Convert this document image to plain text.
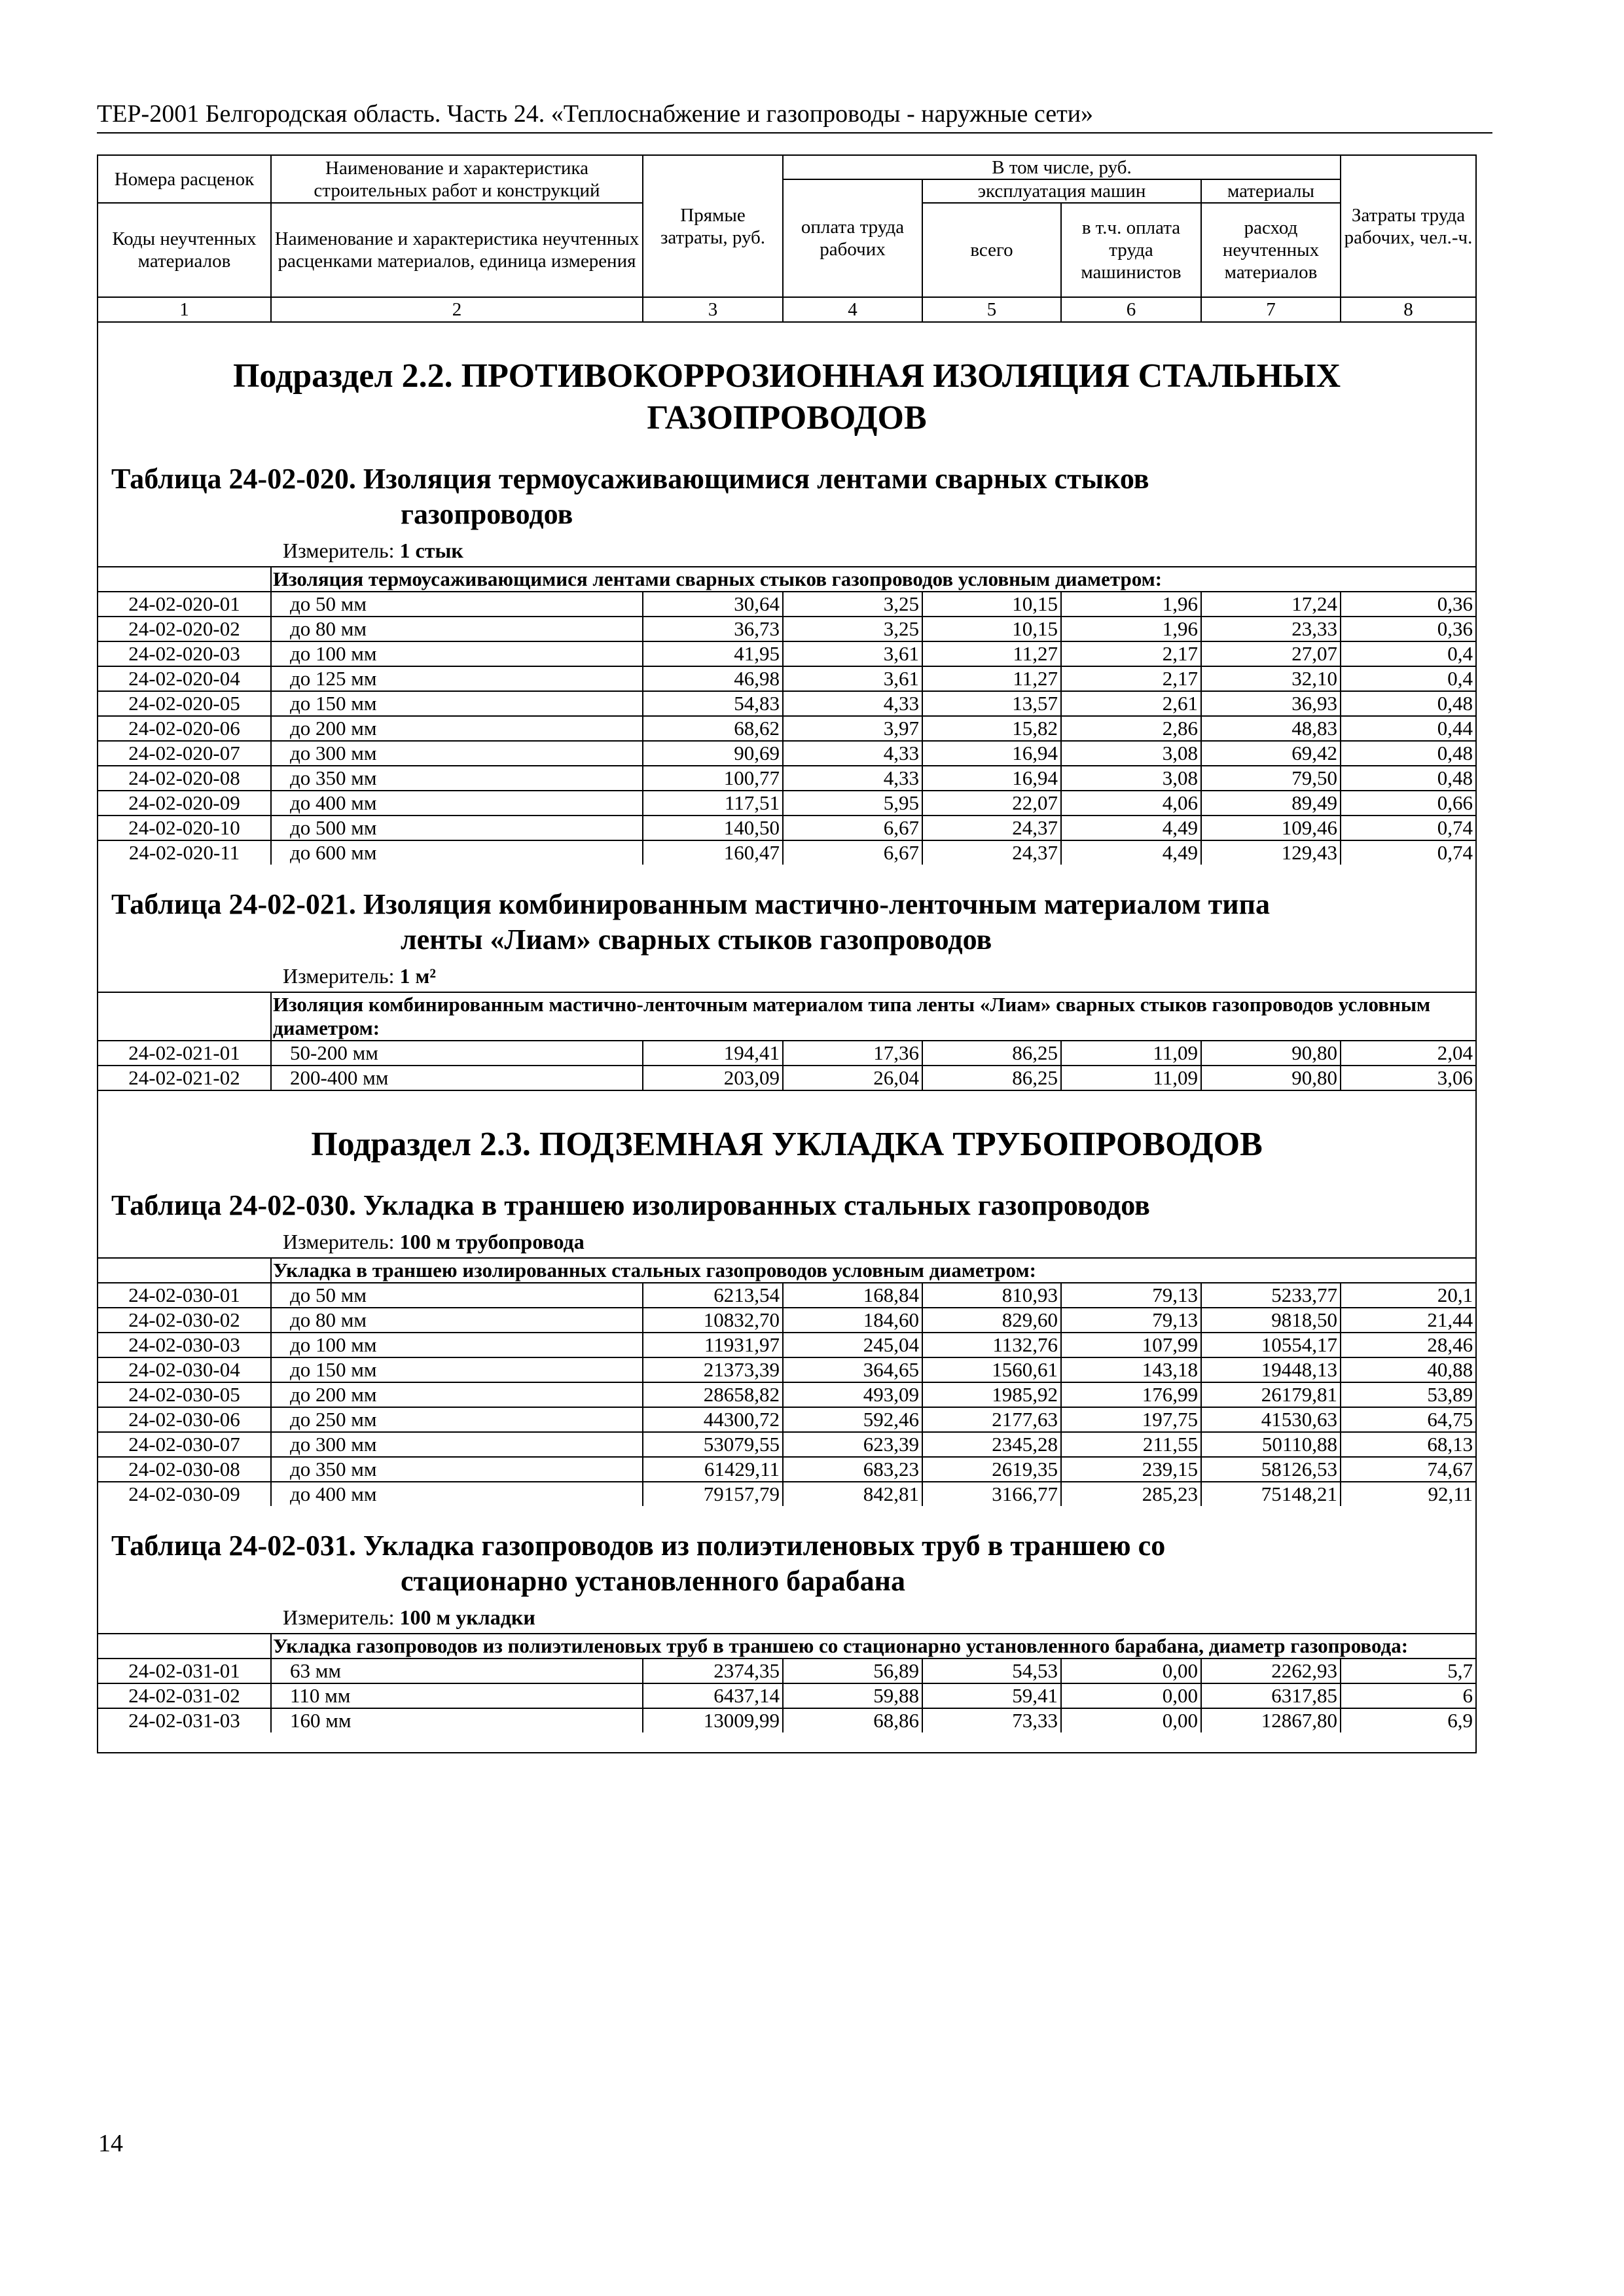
ТЕР-2001 Белгородская область. Часть 24. «Теплоснабжение и газопроводы - наружные сети»
Номера расценок	Наименование и характеристика строительных работ и конструкций	Прямые затраты, руб.	В том числе, руб.				Затраты труда рабочих, чел.-ч.
			оплата труда рабочих	эксплуатация машин		материалы	
Коды неучтенных материалов	Наименование и характеристика неучтенных расценками материалов, единица измерения			всего	в т.ч. оплата труда машинистов	расход неучтенных материалов	

1	2	3	4	5	6	7	8
Подраздел 2.2. ПРОТИВОКОРРОЗИОННАЯ ИЗОЛЯЦИЯ СТАЛЬНЫХ ГАЗОПРОВОДОВ
Таблица 24-02-020. Изоляция термоусаживающимися лентами сварных стыков
газопроводов

Измеритель: 1 стык

	Изоляция термоусаживающимися лентами сварных стыков газопроводов условным диаметром:						
24-02-020-01	до 50 мм	30,64	3,25	10,15	1,96	17,24	0,36
24-02-020-02	до 80 мм	36,73	3,25	10,15	1,96	23,33	0,36
24-02-020-03	до 100 мм	41,95	3,61	11,27	2,17	27,07	0,4
24-02-020-04	до 125 мм	46,98	3,61	11,27	2,17	32,10	0,4
24-02-020-05	до 150 мм	54,83	4,33	13,57	2,61	36,93	0,48
24-02-020-06	до 200 мм	68,62	3,97	15,82	2,86	48,83	0,44
24-02-020-07	до 300 мм	90,69	4,33	16,94	3,08	69,42	0,48
24-02-020-08	до 350 мм	100,77	4,33	16,94	3,08	79,50	0,48
24-02-020-09	до 400 мм	117,51	5,95	22,07	4,06	89,49	0,66
24-02-020-10	до 500 мм	140,50	6,67	24,37	4,49	109,46	0,74
24-02-020-11	до 600 мм	160,47	6,67	24,37	4,49	129,43	0,74
Таблица 24-02-021. Изоляция комбинированным мастично-ленточным материалом типа
ленты «Лиам» сварных стыков газопроводов

Измеритель: 1 м²

	Изоляция комбинированным мастично-ленточным материалом типа ленты «Лиам» сварных стыков газопроводов условным диаметром:						
24-02-021-01	50-200 мм	194,41	17,36	86,25	11,09	90,80	2,04
24-02-021-02	200-400 мм	203,09	26,04	86,25	11,09	90,80	3,06
Подраздел 2.3. ПОДЗЕМНАЯ УКЛАДКА ТРУБОПРОВОДОВ
Таблица 24-02-030. Укладка в траншею изолированных стальных газопроводов

Измеритель: 100 м трубопровода

	Укладка в траншею изолированных стальных газопроводов условным диаметром:						
24-02-030-01	до 50 мм	6213,54	168,84	810,93	79,13	5233,77	20,1
24-02-030-02	до 80 мм	10832,70	184,60	829,60	79,13	9818,50	21,44
24-02-030-03	до 100 мм	11931,97	245,04	1132,76	107,99	10554,17	28,46
24-02-030-04	до 150 мм	21373,39	364,65	1560,61	143,18	19448,13	40,88
24-02-030-05	до 200 мм	28658,82	493,09	1985,92	176,99	26179,81	53,89
24-02-030-06	до 250 мм	44300,72	592,46	2177,63	197,75	41530,63	64,75
24-02-030-07	до 300 мм	53079,55	623,39	2345,28	211,55	50110,88	68,13
24-02-030-08	до 350 мм	61429,11	683,23	2619,35	239,15	58126,53	74,67
24-02-030-09	до 400 мм	79157,79	842,81	3166,77	285,23	75148,21	92,11
Таблица 24-02-031. Укладка газопроводов из полиэтиленовых труб в траншею со
стационарно установленного барабана

Измеритель: 100 м укладки

	Укладка газопроводов из полиэтиленовых труб в траншею со стационарно установленного барабана, диаметр газопровода:						
24-02-031-01	63 мм	2374,35	56,89	54,53	0,00	2262,93	5,7
24-02-031-02	110 мм	6437,14	59,88	59,41	0,00	6317,85	6
24-02-031-03	160 мм	13009,99	68,86	73,33	0,00	12867,80	6,9
14
